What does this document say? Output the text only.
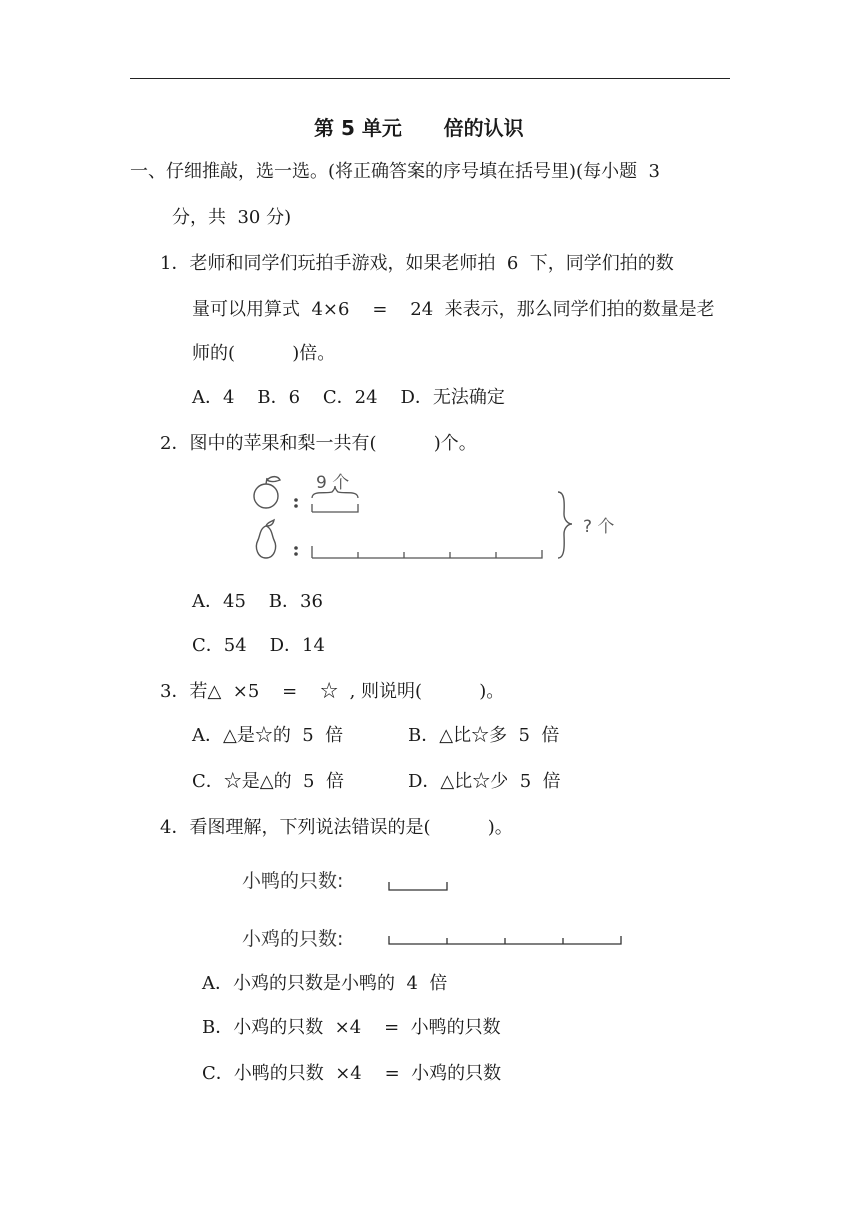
第 5 单元      倍的认识
一、仔细推敲，选一选。(将正确答案的序号填在括号里)(每小题  3
分，共  30 分)
1．老师和同学们玩拍手游戏，如果老师拍  6  下，同学们拍的数
量可以用算式  4×6    =    24  来表示，那么同学们拍的数量是老
师的(          )倍。
A．4    B．6    C．24    D．无法确定
2．图中的苹果和梨一共有(          )个。
9 个
? 个
A．45    B．36
C．54    D．14
3．若△  ×5    =    ☆  , 则说明(          )。
A．△是☆的  5  倍	B．△比☆多  5  倍
C．☆是△的  5  倍	D．△比☆少  5  倍
4．看图理解，下列说法错误的是(          )。
小鸭的只数:
小鸡的只数:
A．小鸡的只数是小鸭的  4  倍
B．小鸡的只数  ×4    =  小鸭的只数
C．小鸭的只数  ×4    =  小鸡的只数
